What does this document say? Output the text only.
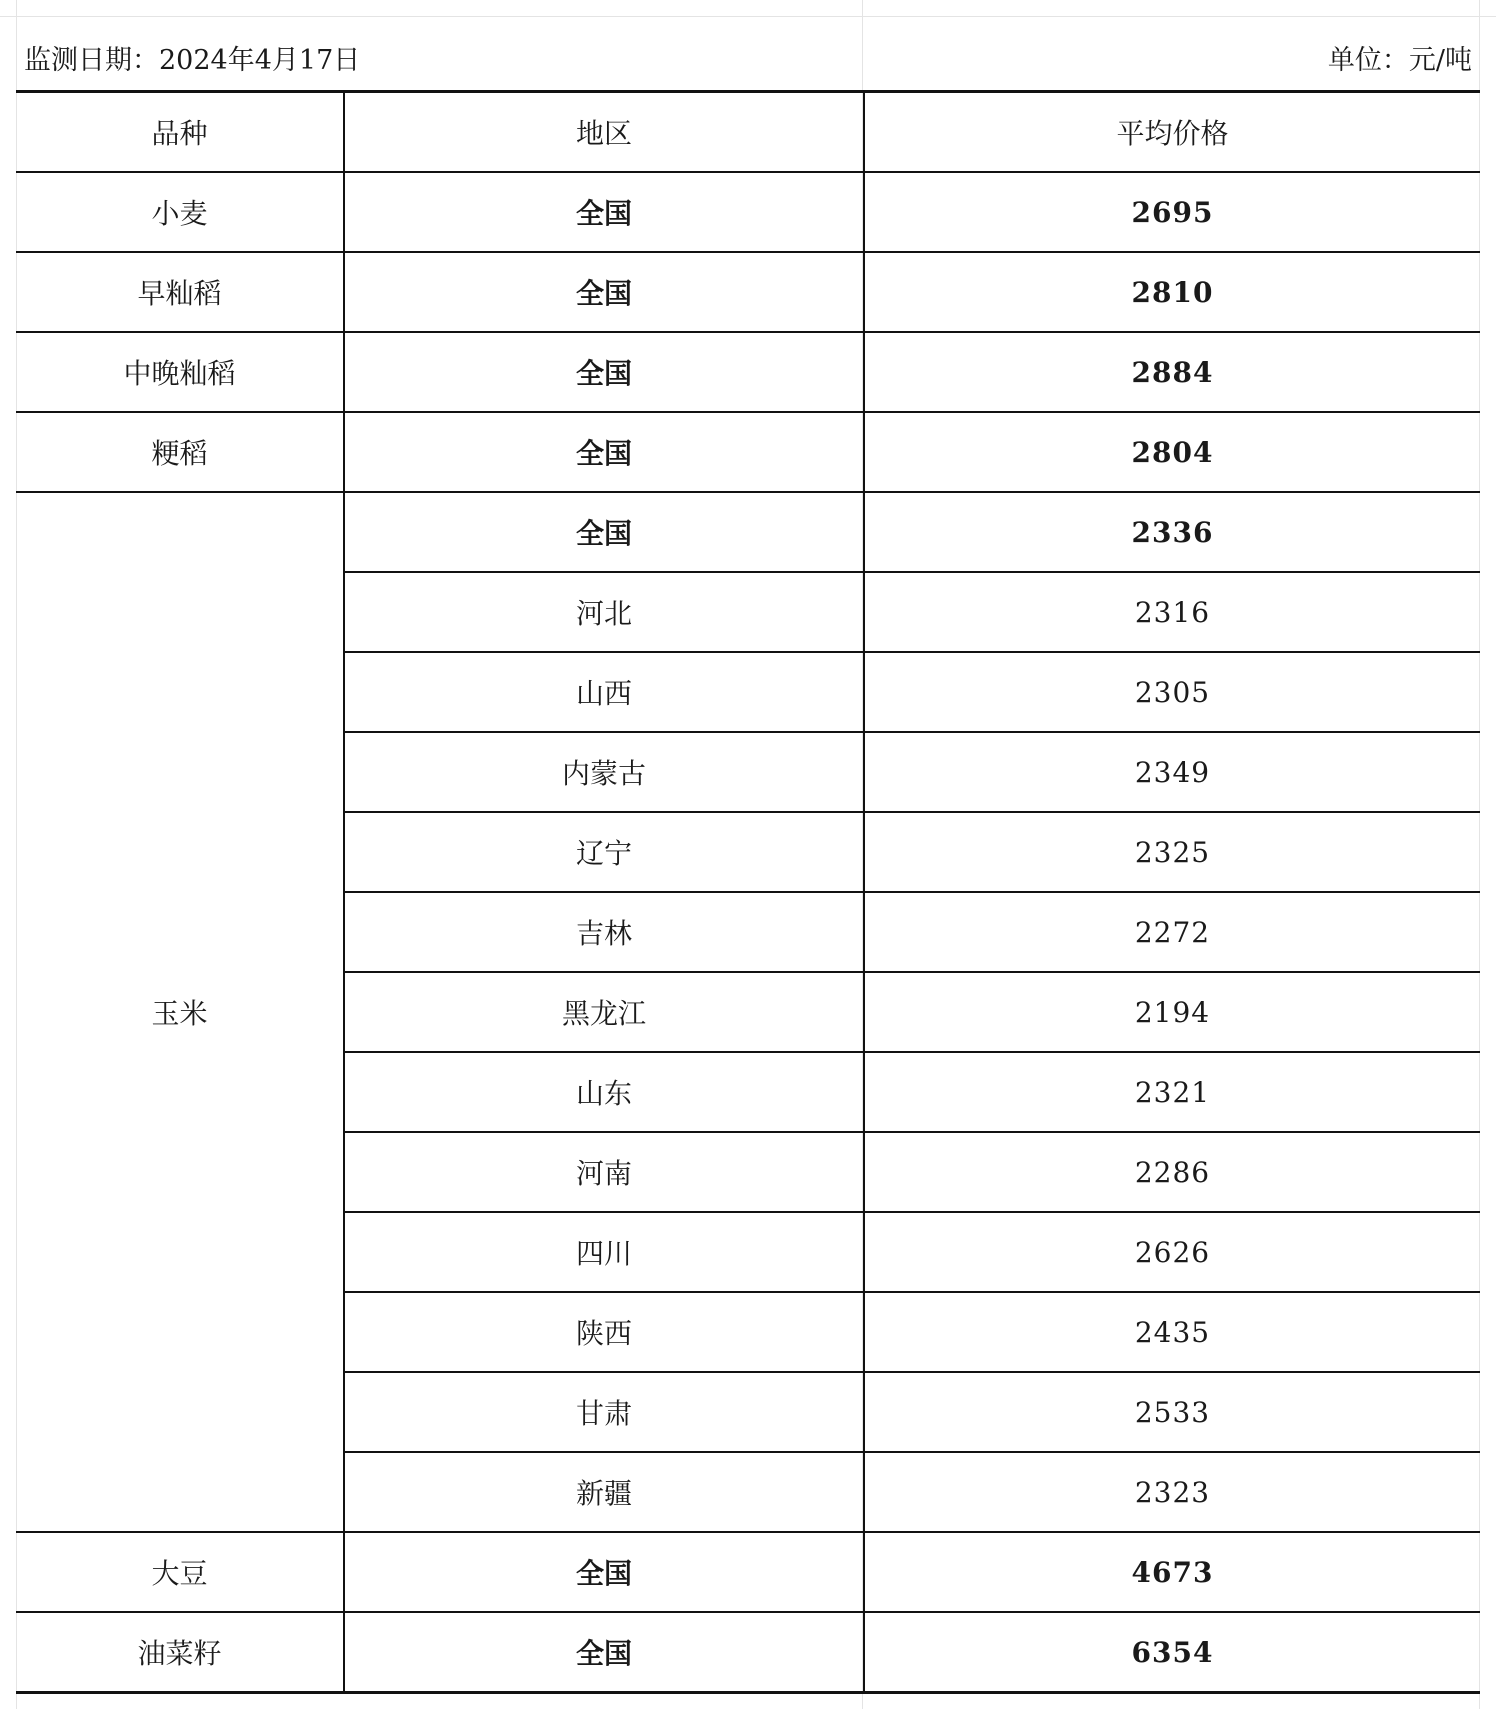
监测日期：2024年4月17日	单位：元/吨
品种	地区	平均价格
小麦	全国	2695
早籼稻	全国	2810
中晚籼稻	全国	2884
粳稻	全国	2804
玉米	全国	2336
	河北	2316
	山西	2305
	内蒙古	2349
	辽宁	2325
	吉林	2272
	黑龙江	2194
	山东	2321
	河南	2286
	四川	2626
	陕西	2435
	甘肃	2533
	新疆	2323
大豆	全国	4673
油菜籽	全国	6354
